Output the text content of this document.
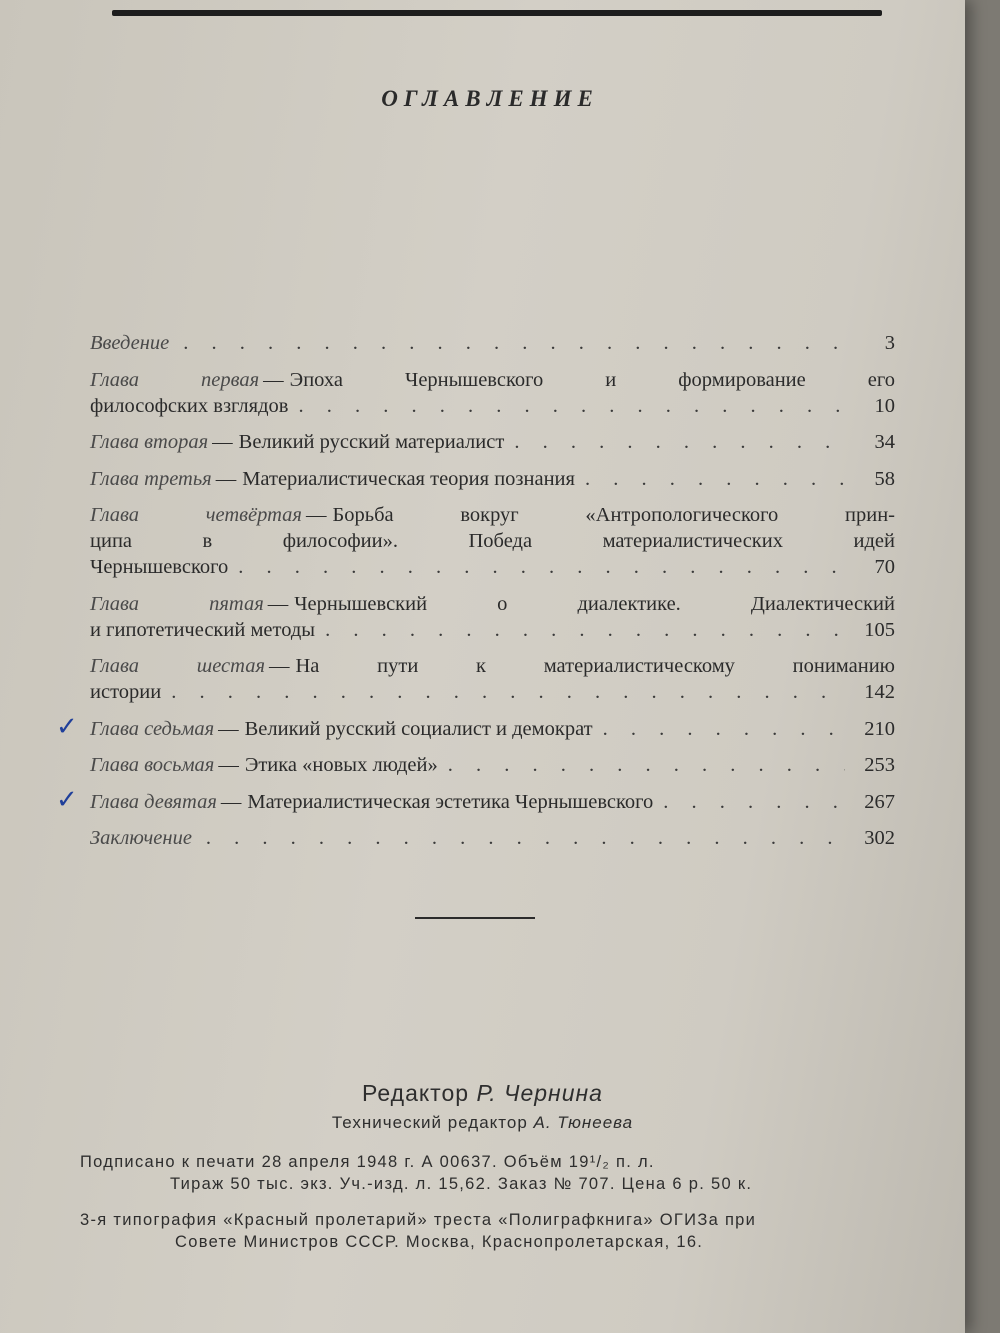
ОГЛАВЛЕНИЕ
Введение . . .	3
Глава первая — Эпоха Чернышевского и формирование его
философских взглядов . . .	10
Глава вторая — Великий русский материалист . . .	34
Глава третья — Материалистическая теория познания . . .	58
Глава четвёртая — Борьба вокруг «Антропологического прин-
ципа в философии». Победа материалистических идей
Чернышевского . . .	70
Глава пятая — Чернышевский о диалектике. Диалектический
и гипотетический методы . . .	105
Глава шестая — На пути к материалистическому пониманию
истории . . .	142
✓ Глава седьмая — Великий русский социалист и демократ . . .	210
Глава восьмая — Этика «новых людей» . . .	253
✓ Глава девятая — Материалистическая эстетика Чернышевского . . .	267
Заключение . . .	302
Редактор Р. Чернина
Технический редактор А. Тюнеева
Подписано к печати 28 апреля 1948 г. А 00637. Объём 19¹/₂ п. л.
Тираж 50 тыс. экз. Уч.-изд. л. 15,62. Заказ № 707. Цена 6 р. 50 к.
3-я типография «Красный пролетарий» треста «Полиграфкнига» ОГИЗа при
Совете Министров СССР. Москва, Краснопролетарская, 16.
